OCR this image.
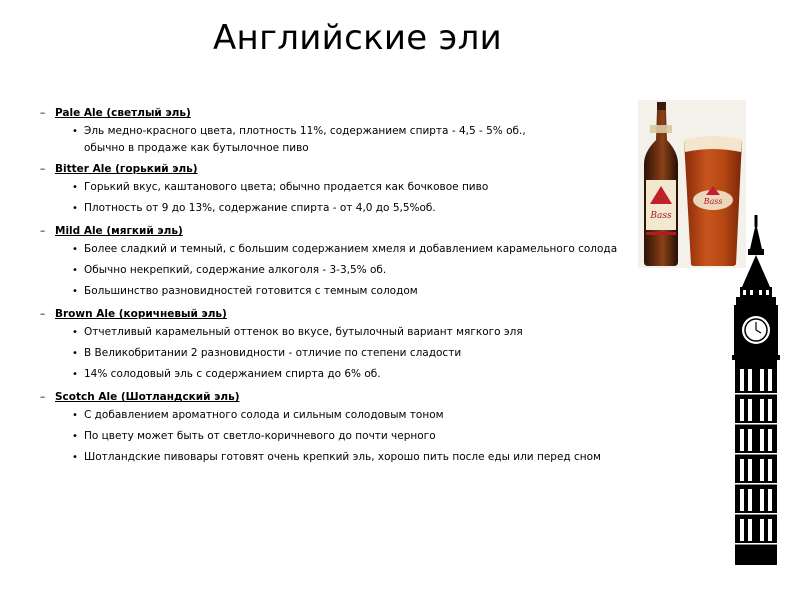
Английские эли
– Pale Ale (светлый эль)
• Эль медно-красного цвета, плотность 11%, содержанием спирта - 4,5 - 5% об.,
обычно в продаже как бутылочное пиво
– Bitter Ale (горький эль)
• Горький вкус, каштанового цвета; обычно продается как бочковое пиво
• Плотность от 9 до 13%, содержание спирта - от 4,0 до 5,5%об.
– Mild Ale (мягкий эль)
• Более сладкий и темный, с большим содержанием хмеля и добавлением карамельного солода
• Обычно некрепкий, содержание алкоголя - 3-3,5% об.
• Большинство разновидностей готовится с темным солодом
– Brown Ale (коричневый эль)
• Отчетливый карамельный оттенок во вкусе, бутылочный вариант мягкого эля
• В Великобритании 2 разновидности - отличие по степени сладости
• 14% солодовый эль с содержанием спирта до 6% об.
– Scotch Ale (Шотландский эль)
• С добавлением ароматного солода и сильным солодовым тоном
• По цвету может быть от светло-коричневого до почти черного
• Шотландские пивовары готовят очень крепкий эль, хорошо пить после еды или перед сном
Bass
Bass
